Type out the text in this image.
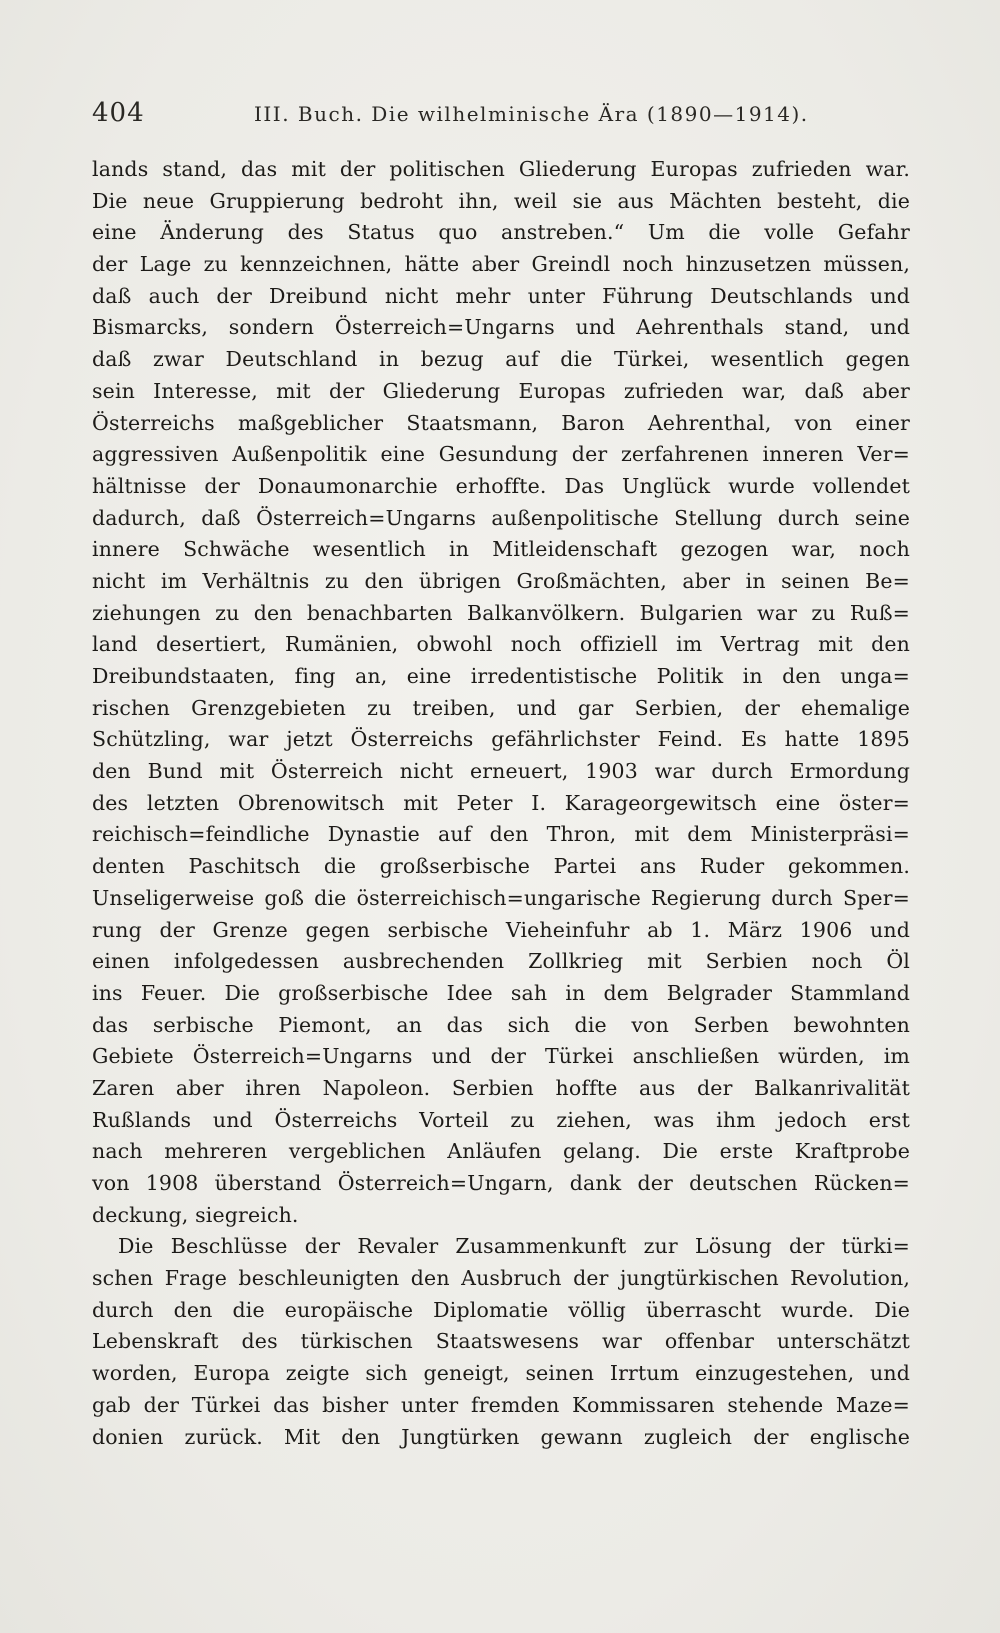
404	III. Buch. Die wilhelminische Ära (1890—1914).
lands stand, das mit der politischen Gliederung Europas zufrieden war.
Die neue Gruppierung bedroht ihn, weil sie aus Mächten besteht, die
eine Änderung des Status quo anstreben.“ Um die volle Gefahr
der Lage zu kennzeichnen, hätte aber Greindl noch hinzusetzen müssen,
daß auch der Dreibund nicht mehr unter Führung Deutschlands und
Bismarcks, sondern Österreich=Ungarns und Aehrenthals stand, und
daß zwar Deutschland in bezug auf die Türkei, wesentlich gegen
sein Interesse, mit der Gliederung Europas zufrieden war, daß aber
Österreichs maßgeblicher Staatsmann, Baron Aehrenthal, von einer
aggressiven Außenpolitik eine Gesundung der zerfahrenen inneren Ver=
hältnisse der Donaumonarchie erhoffte. Das Unglück wurde vollendet
dadurch, daß Österreich=Ungarns außenpolitische Stellung durch seine
innere Schwäche wesentlich in Mitleidenschaft gezogen war, noch
nicht im Verhältnis zu den übrigen Großmächten, aber in seinen Be=
ziehungen zu den benachbarten Balkanvölkern. Bulgarien war zu Ruß=
land desertiert, Rumänien, obwohl noch offiziell im Vertrag mit den
Dreibundstaaten, fing an, eine irredentistische Politik in den unga=
rischen Grenzgebieten zu treiben, und gar Serbien, der ehemalige
Schützling, war jetzt Österreichs gefährlichster Feind. Es hatte 1895
den Bund mit Österreich nicht erneuert, 1903 war durch Ermordung
des letzten Obrenowitsch mit Peter I. Karageorgewitsch eine öster=
reichisch=feindliche Dynastie auf den Thron, mit dem Ministerpräsi=
denten Paschitsch die großserbische Partei ans Ruder gekommen.
Unseligerweise goß die österreichisch=ungarische Regierung durch Sper=
rung der Grenze gegen serbische Vieheinfuhr ab 1. März 1906 und
einen infolgedessen ausbrechenden Zollkrieg mit Serbien noch Öl
ins Feuer. Die großserbische Idee sah in dem Belgrader Stammland
das serbische Piemont, an das sich die von Serben bewohnten
Gebiete Österreich=Ungarns und der Türkei anschließen würden, im
Zaren aber ihren Napoleon. Serbien hoffte aus der Balkanrivalität
Rußlands und Österreichs Vorteil zu ziehen, was ihm jedoch erst
nach mehreren vergeblichen Anläufen gelang. Die erste Kraftprobe
von 1908 überstand Österreich=Ungarn, dank der deutschen Rücken=
deckung, siegreich.
Die Beschlüsse der Revaler Zusammenkunft zur Lösung der türki=
schen Frage beschleunigten den Ausbruch der jungtürkischen Revolution,
durch den die europäische Diplomatie völlig überrascht wurde. Die
Lebenskraft des türkischen Staatswesens war offenbar unterschätzt
worden, Europa zeigte sich geneigt, seinen Irrtum einzugestehen, und
gab der Türkei das bisher unter fremden Kommissaren stehende Maze=
donien zurück. Mit den Jungtürken gewann zugleich der englische
